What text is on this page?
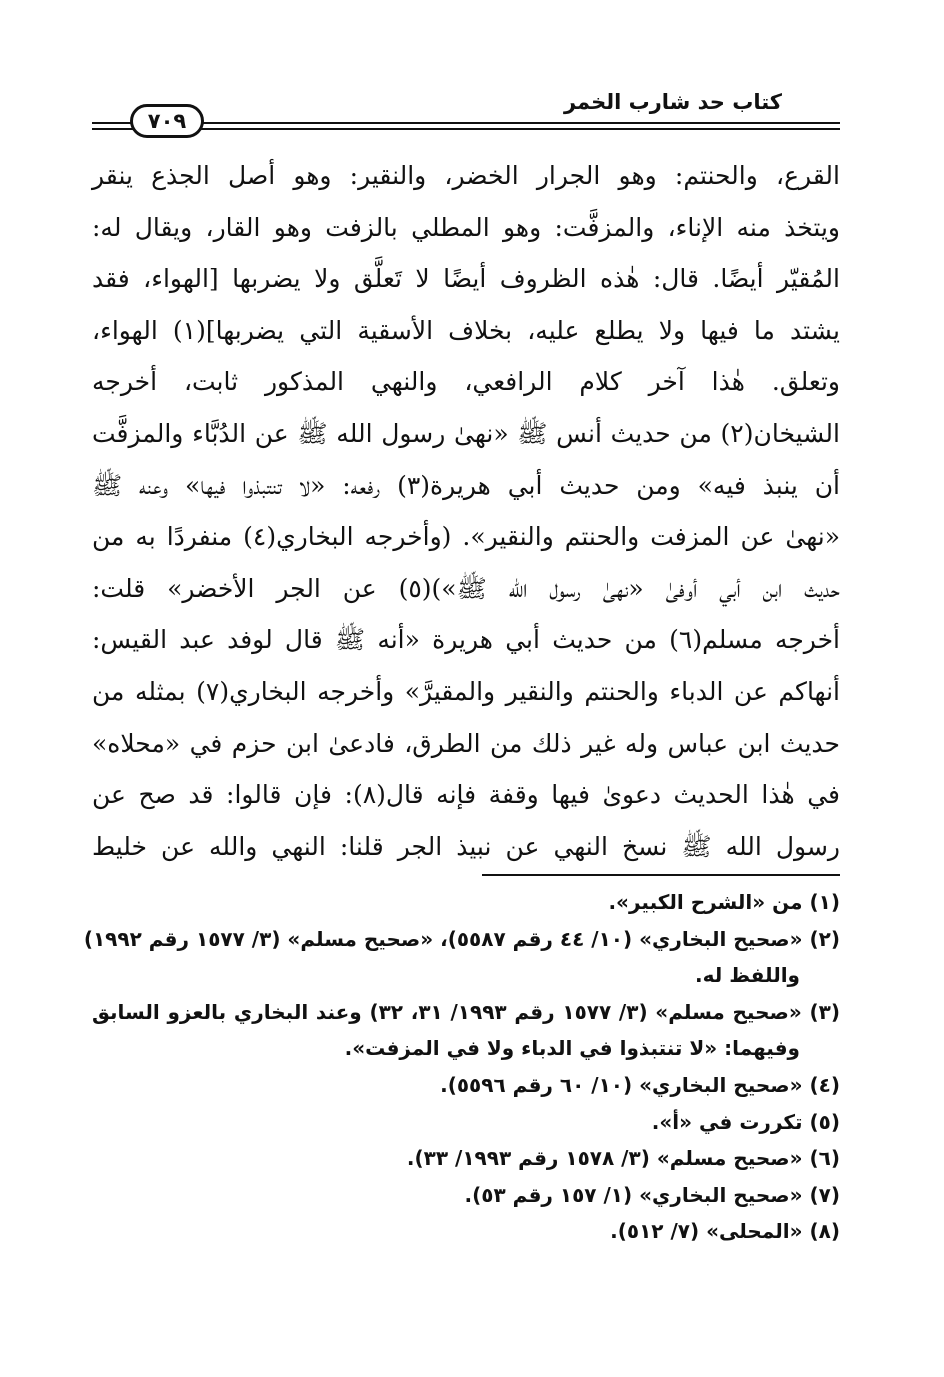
٧٠٩
كتاب حد شارب الخمر
القرع، والحنتم: وهو الجرار الخضر، والنقير: وهو أصل الجذع ينقر
ويتخذ منه الإناء، والمزفَّت: وهو المطلي بالزفت وهو القار، ويقال له:
المُقيّر أيضًا. قال: هٰذه الظروف أيضًا لا تَعلَّق ولا يضربها [الهواء، فقد
يشتد ما فيها ولا يطلع عليه، بخلاف الأسقية التي يضربها](١) الهواء،
وتعلق. هٰذا آخر كلام الرافعي، والنهي المذكور ثابت، أخرجه
الشيخان(٢) من حديث أنس ﷺ «نهىٰ رسول الله ﷺ عن الدُبَّاء والمزفَّت
أن ينبذ فيه» ومن حديث أبي هريرة(٣) رفعه: «لا تنتبذوا فيها» وعنه ﷺ
«نهىٰ عن المزفت والحنتم والنقير». (وأخرجه البخاري(٤) منفردًا به من
حديث ابن أبي أوفىٰ «نهىٰ رسول الله ﷺ»)(٥) عن الجر الأخضر» قلت:
أخرجه مسلم(٦) من حديث أبي هريرة «أنه ﷺ قال لوفد عبد القيس:
أنهاكم عن الدباء والحنتم والنقير والمقيرَّ» وأخرجه البخاري(٧) بمثله من
حديث ابن عباس وله غير ذلك من الطرق، فادعىٰ ابن حزم في «محلاه»
في هٰذا الحديث دعوىٰ فيها وقفة فإنه قال(٨): فإن قالوا: قد صح عن
رسول الله ﷺ نسخ النهي عن نبيذ الجر قلنا: النهي والله عن خليط
(١) من «الشرح الكبير».
(٢) «صحيح البخاري» (١٠/ ٤٤ رقم ٥٥٨٧)، «صحيح مسلم» (٣/ ١٥٧٧ رقم ١٩٩٢)
واللفظ له.
(٣) «صحيح مسلم» (٣/ ١٥٧٧ رقم ١٩٩٣/ ٣١، ٣٢) وعند البخاري بالعزو السابق
وفيهما: «لا تنتبذوا في الدباء ولا في المزفت».
(٤) «صحيح البخاري» (١٠/ ٦٠ رقم ٥٥٩٦).
(٥) تكررت في «أ».
(٦) «صحيح مسلم» (٣/ ١٥٧٨ رقم ١٩٩٣/ ٣٣).
(٧) «صحيح البخاري» (١/ ١٥٧ رقم ٥٣).
(٨) «المحلى» (٧/ ٥١٢).
